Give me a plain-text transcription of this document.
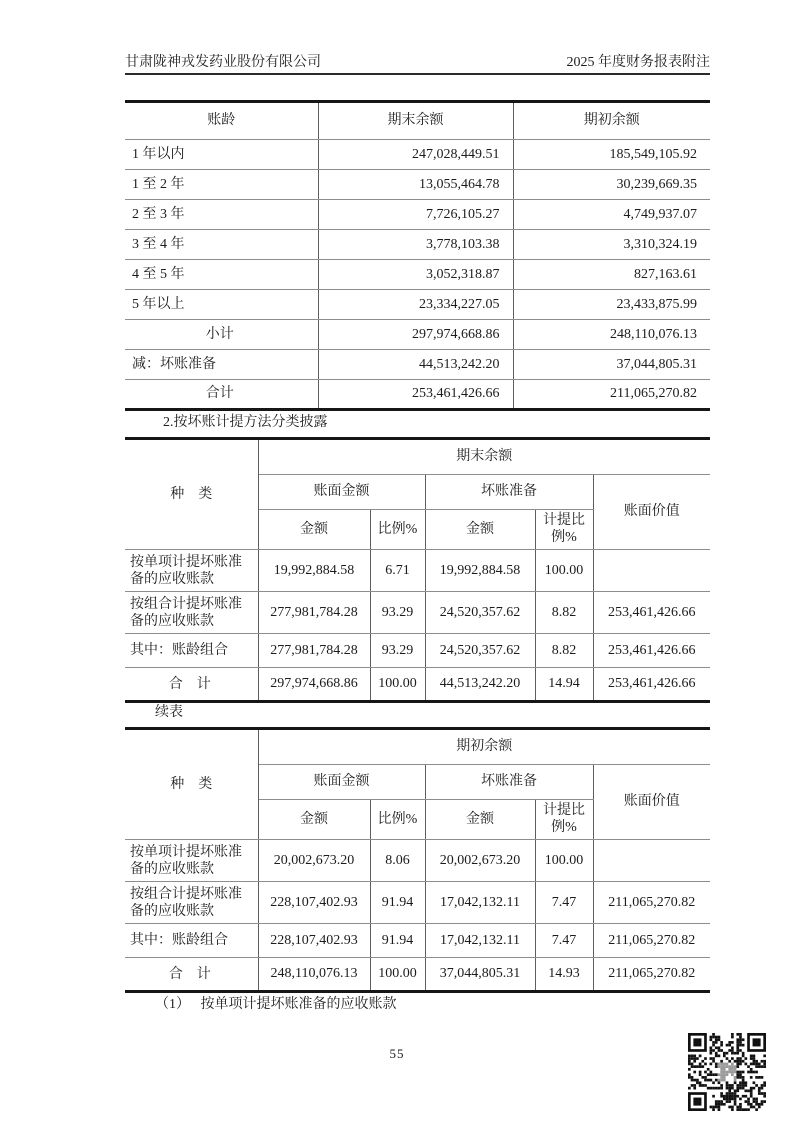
甘肃陇神戎发药业股份有限公司	2025 年度财务报表附注
账龄	期末余额	期初余额
1 年以内	247,028,449.51	185,549,105.92
1 至 2 年	13,055,464.78	30,239,669.35
2 至 3 年	7,726,105.27	4,749,937.07
3 至 4 年	3,778,103.38	3,310,324.19
4 至 5 年	3,052,318.87	827,163.61
5 年以上	23,334,227.05	23,433,875.99
小计	297,974,668.86	248,110,076.13
减：坏账准备	44,513,242.20	37,044,805.31
合计	253,461,426.66	211,065,270.82
2.按坏账计提方法分类披露
种　类	期末余额				
	账面金额		坏账准备		账面价值
	金额	比例%	金额	计提比例%	
按单项计提坏账准备的应收账款	19,992,884.58	6.71	19,992,884.58	100.00	
按组合计提坏账准备的应收账款	277,981,784.28	93.29	24,520,357.62	8.82	253,461,426.66
其中：账龄组合	277,981,784.28	93.29	24,520,357.62	8.82	253,461,426.66
合　计	297,974,668.86	100.00	44,513,242.20	14.94	253,461,426.66
续表
种　类	期初余额				
	账面金额		坏账准备		账面价值
	金额	比例%	金额	计提比例%	
按单项计提坏账准备的应收账款	20,002,673.20	8.06	20,002,673.20	100.00	
按组合计提坏账准备的应收账款	228,107,402.93	91.94	17,042,132.11	7.47	211,065,270.82
其中：账龄组合	228,107,402.93	91.94	17,042,132.11	7.47	211,065,270.82
合　计	248,110,076.13	100.00	37,044,805.31	14.93	211,065,270.82
（1）　 按单项计提坏账准备的应收账款
55
